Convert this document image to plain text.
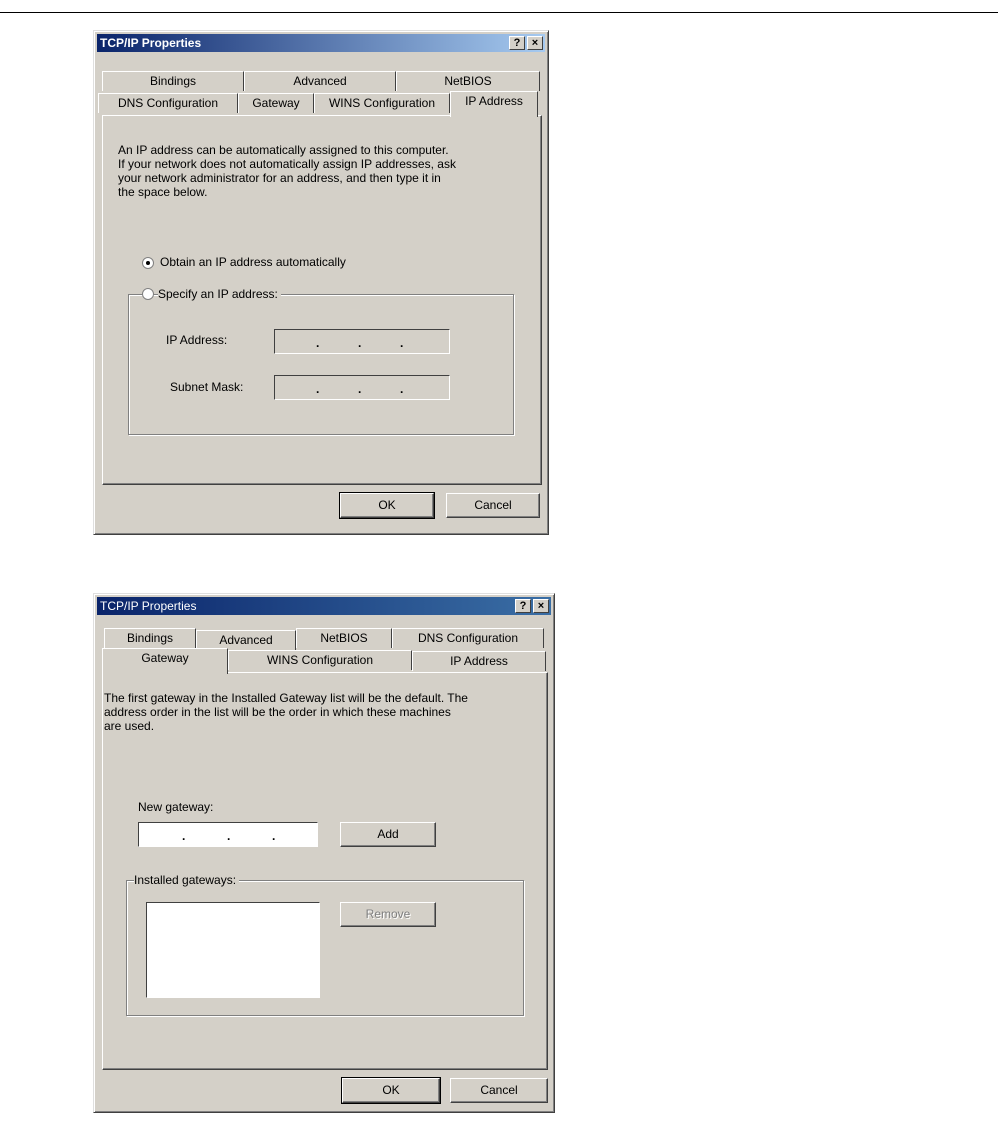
TCP/IP Properties	?	×
Bindings	Advanced	NetBIOS
DNS Configuration	Gateway	WINS Configuration	IP Address
An IP address can be automatically assigned to this computer.
If your network does not automatically assign IP addresses, ask
your network administrator for an address, and then type it in
the space below.
Obtain an IP address automatically
Specify an IP address:
IP Address:	.	.	.
Subnet Mask:	.	.	.
OK	Cancel
TCP/IP Properties	?	×
Bindings	Advanced	NetBIOS	DNS Configuration
WINS Configuration	IP Address
Gateway
The first gateway in the Installed Gateway list will be the default. The
address order in the list will be the order in which these machines
are used.
New gateway:
.	.	.	Add
Installed gateways:
Remove
OK	Cancel
